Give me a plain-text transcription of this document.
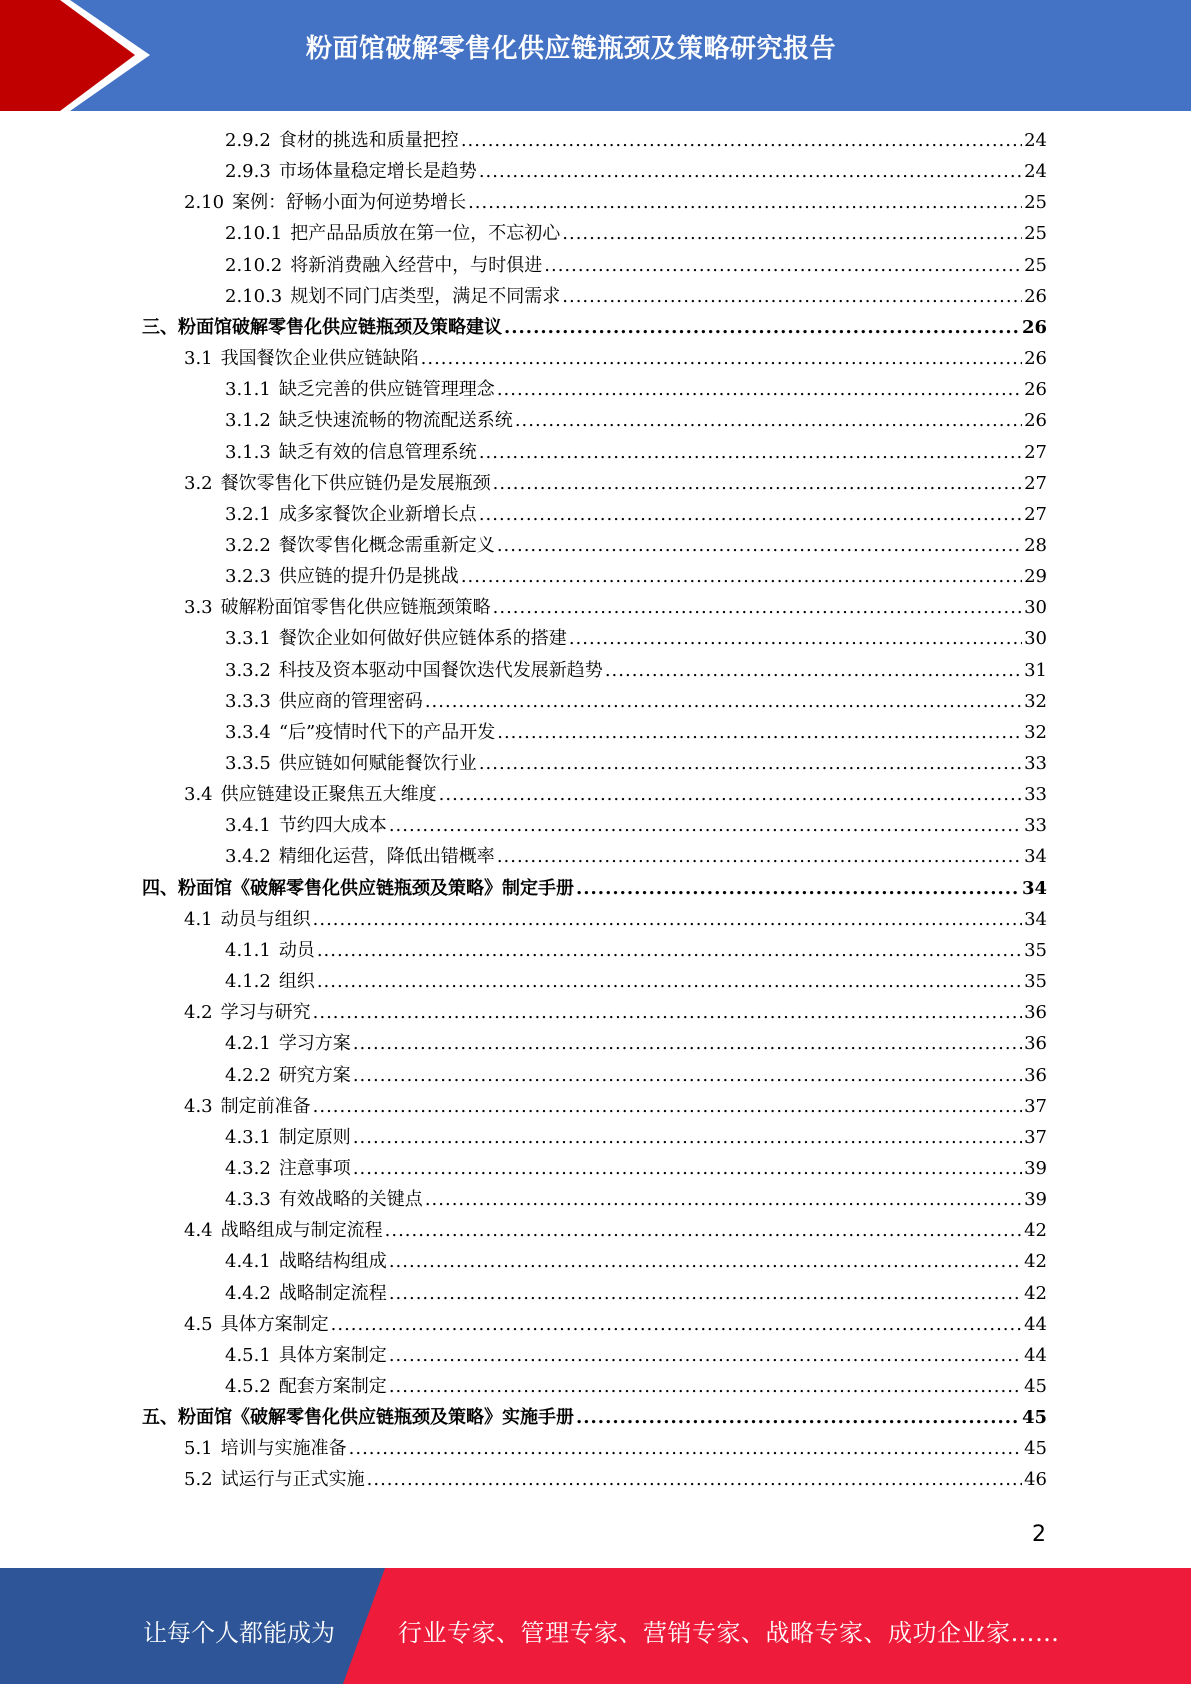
粉面馆破解零售化供应链瓶颈及策略研究报告
2.9.2 食材的挑选和质量把控 .....	24
2.9.3 市场体量稳定增长是趋势 .....	24
2.10 案例：舒畅小面为何逆势增长 .....	25
2.10.1 把产品品质放在第一位，不忘初心 .....	25
2.10.2 将新消费融入经营中，与时俱进 .....	25
2.10.3 规划不同门店类型，满足不同需求 .....	26
三、 粉面馆破解零售化供应链瓶颈及策略建议 .....	26
3.1 我国餐饮企业供应链缺陷 .....	26
3.1.1 缺乏完善的供应链管理理念 .....	26
3.1.2 缺乏快速流畅的物流配送系统 .....	26
3.1.3 缺乏有效的信息管理系统 .....	27
3.2 餐饮零售化下供应链仍是发展瓶颈 .....	27
3.2.1 成多家餐饮企业新增长点 .....	27
3.2.2 餐饮零售化概念需重新定义 .....	28
3.2.3 供应链的提升仍是挑战 .....	29
3.3 破解粉面馆零售化供应链瓶颈策略 .....	30
3.3.1 餐饮企业如何做好供应链体系的搭建 .....	30
3.3.2 科技及资本驱动中国餐饮迭代发展新趋势 .....	31
3.3.3 供应商的管理密码 .....	32
3.3.4 “后”疫情时代下的产品开发 .....	32
3.3.5 供应链如何赋能餐饮行业 .....	33
3.4 供应链建设正聚焦五大维度 .....	33
3.4.1 节约四大成本 .....	33
3.4.2 精细化运营，降低出错概率 .....	34
四、 粉面馆《破解零售化供应链瓶颈及策略》制定手册 .....	34
4.1 动员与组织 .....	34
4.1.1 动员 .....	35
4.1.2 组织 .....	35
4.2 学习与研究 .....	36
4.2.1 学习方案 .....	36
4.2.2 研究方案 .....	36
4.3 制定前准备 .....	37
4.3.1 制定原则 .....	37
4.3.2 注意事项 .....	39
4.3.3 有效战略的关键点 .....	39
4.4 战略组成与制定流程 .....	42
4.4.1 战略结构组成 .....	42
4.4.2 战略制定流程 .....	42
4.5 具体方案制定 .....	44
4.5.1 具体方案制定 .....	44
4.5.2 配套方案制定 .....	45
五、 粉面馆《破解零售化供应链瓶颈及策略》实施手册 .....	45
5.1 培训与实施准备 .....	45
5.2 试运行与正式实施 .....	46
2
让每个人都能成为	行业专家、管理专家、营销专家、战略专家、成功企业家……
